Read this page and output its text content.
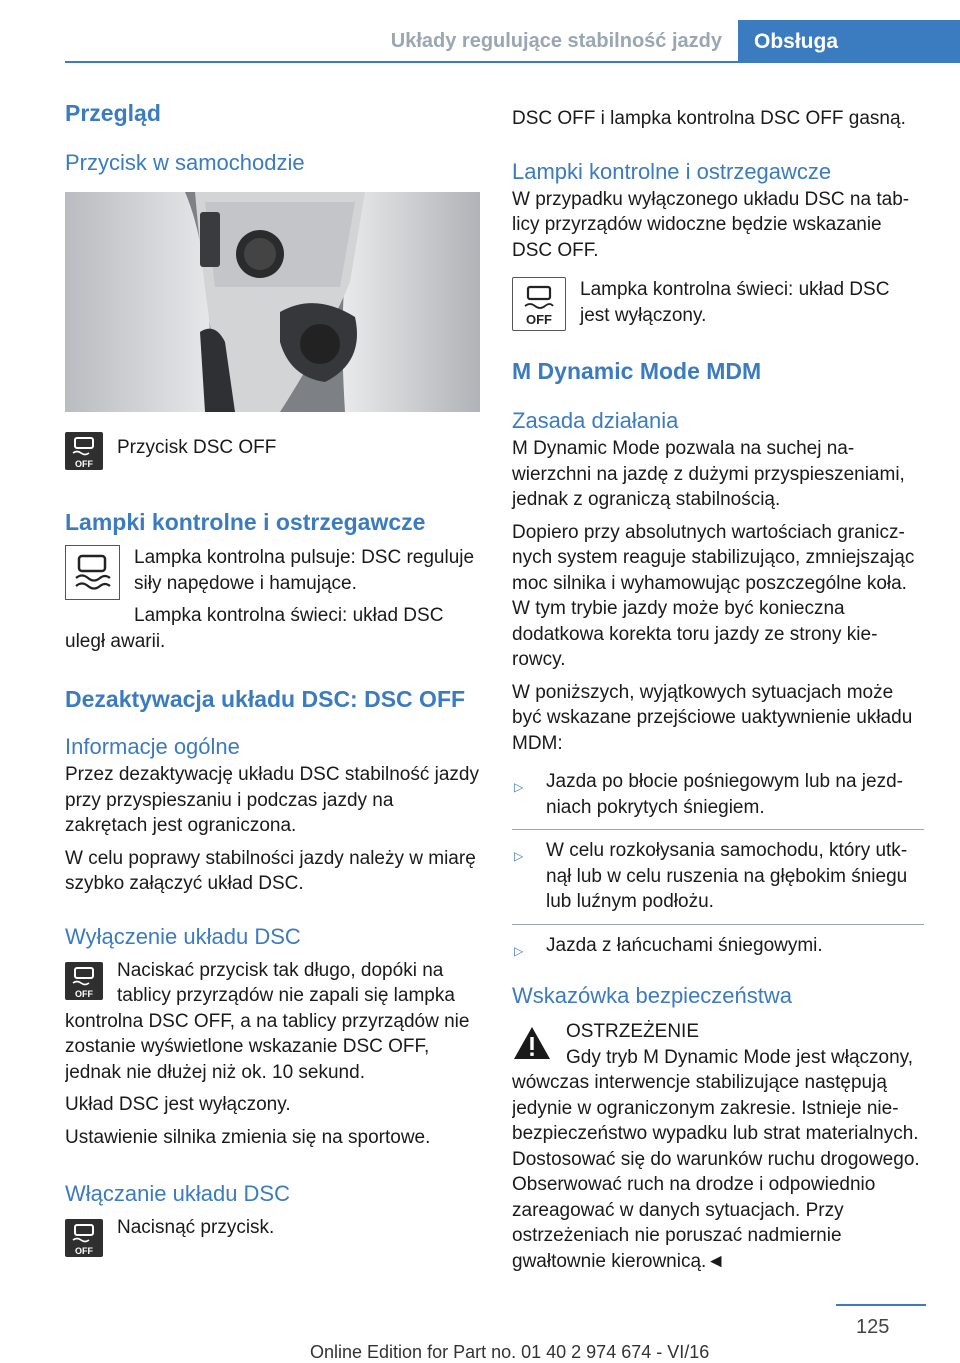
Układy regulujące stabilność jazdy	Obsługa
Przegląd
Przycisk w samochodzie
OFF

Przycisk DSC OFF

Lampki kontrolne i ostrzegawcze

Lampka kontrolna pulsuje: DSC reguluje siły napędowe i hamujące.

Lampka kontrolna świeci: układ DSC uległ awarii.

Dezaktywacja układu DSC: DSC OFF
Informacje ogólne

Przez dezaktywację układu DSC stabilność jazdy przy przyspieszaniu i podczas jazdy na zakrętach jest ograniczona.

W celu poprawy stabilności jazdy należy w miarę szybko załączyć układ DSC.

Wyłączenie układu DSC
OFF

Naciskać przycisk tak długo, dopóki na tablicy przyrządów nie zapali się lampka kontrolna DSC OFF, a na tablicy przyrządów nie zostanie wyświetlone wskazanie DSC OFF, jednak nie dłużej niż ok. 10 sekund.

Układ DSC jest wyłączony.

Ustawienie silnika zmienia się na sportowe.

Włączanie układu DSC
OFF

Nacisnąć przycisk.

DSC OFF i lampka kontrolna DSC OFF gasną.

Lampki kontrolne i ostrzegawcze

W przypadku wyłączonego układu DSC na tablicy przyrządów widoczne będzie wskazanie DSC OFF.

OFF

Lampka kontrolna świeci: układ DSC jest wyłączony.

M Dynamic Mode MDM
Zasada działania

M Dynamic Mode pozwala na suchej nawierzchni na jazdę z dużymi przyspieszeniami, jednak z ograniczą stabilnością.

Dopiero przy absolutnych wartościach granicznych system reaguje stabilizująco, zmniejszając moc silnika i wyhamowując poszczególne koła. W tym trybie jazdy może być konieczna dodatkowa korekta toru jazdy ze strony kierowcy.

W poniższych, wyjątkowych sytuacjach może być wskazane przejściowe uaktywnienie układu MDM:

▷ Jazda po błocie pośniegowym lub na jezdniach pokrytych śniegiem.
▷ W celu rozkołysania samochodu, który utknął lub w celu ruszenia na głębokim śniegu lub luźnym podłożu.
▷ Jazda z łańcuchami śniegowymi.
Wskazówka bezpieczeństwa

OSTRZEŻENIE

Gdy tryb M Dynamic Mode jest włączony, wówczas interwencje stabilizujące następują jedynie w ograniczonym zakresie. Istnieje niebezpieczeństwo wypadku lub strat materialnych. Dostosować się do warunków ruchu drogowego. Obserwować ruch na drodze i odpowiednio zareagować w danych sytuacjach. Przy ostrzeżeniach nie poruszać nadmiernie gwałtownie kierownicą.◄

125
Online Edition for Part no. 01 40 2 974 674 - VI/16
